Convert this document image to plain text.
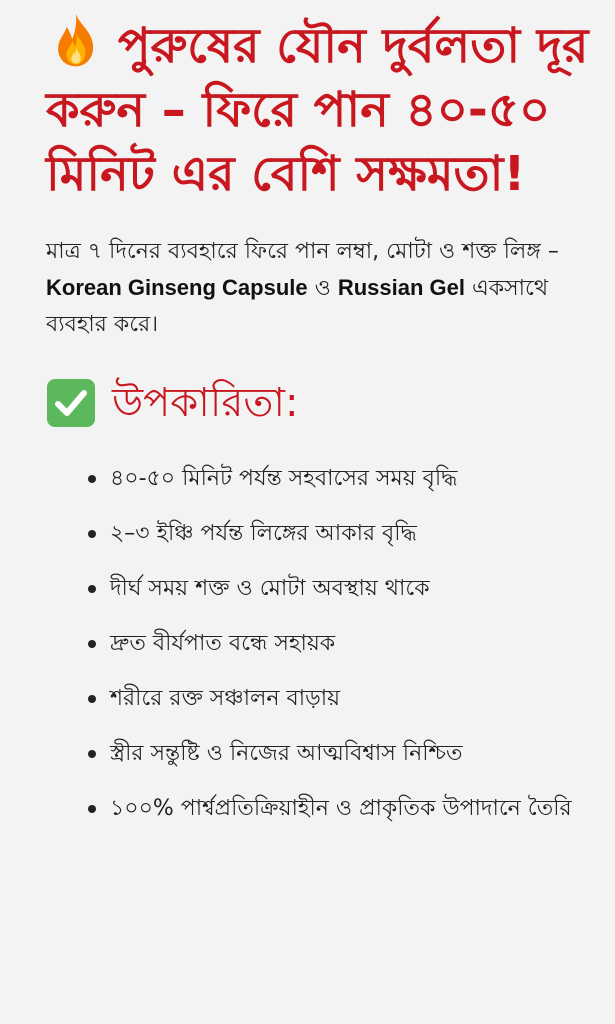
পুরুষের যৌন দুর্বলতা দূর করুন – ফিরে পান ৪০-৫০ মিনিট এর বেশি সক্ষমতা!

মাত্র ৭ দিনের ব্যবহারে ফিরে পান লম্বা, মোটা ও শক্ত লিঙ্গ – Korean Ginseng Capsule ও Russian Gel একসাথে ব্যবহার করে।

উপকারিতা:
৪০-৫০ মিনিট পর্যন্ত সহবাসের সময় বৃদ্ধি
২–৩ ইঞ্চি পর্যন্ত লিঙ্গের আকার বৃদ্ধি
দীর্ঘ সময় শক্ত ও মোটা অবস্থায় থাকে
দ্রুত বীর্যপাত বন্ধে সহায়ক
শরীরে রক্ত সঞ্চালন বাড়ায়
স্ত্রীর সন্তুষ্টি ও নিজের আত্মবিশ্বাস নিশ্চিত
১০০% পার্শ্বপ্রতিক্রিয়াহীন ও প্রাকৃতিক উপাদানে তৈরি
